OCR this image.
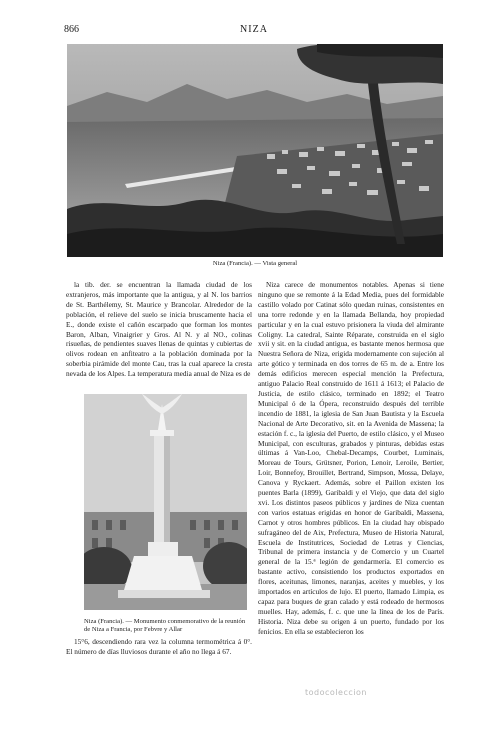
866	NIZA
Niza (Francia). — Vista general

la tib. der. se encuentran la llamada ciudad de los extranjeros, más importante que la antigua, y al N. los barrios de St. Barthélemy, St. Maurice y Brancolar. Alrededor de la población, el relieve del suelo se inicia bruscamente hacia el E., donde existe el cañón escarpado que forman los montes Baron, Alban, Vinaigrier y Gros. Al N. y al NO., colinas risueñas, de pendientes suaves llenas de quintas y cubiertas de olivos rodean en anfiteatro a la población dominada por la soberbia pirámide del monte Cau, tras la cual aparece la cresta nevada de los Alpes. La temperatura media anual de Niza es de

Niza (Francia). — Monumento conmemorativo de la reunión de Niza a Francia, por Febvre y Allar

15°6, descendiendo rara vez la columna termométrica á 0°. El número de días lluviosos durante el año no llega á 67.

Niza carece de monumentos notables. Apenas si tiene ninguno que se remonte á la Edad Media, pues del formidable castillo volado por Catinat sólo quedan ruinas, consistentes en una torre redonde y en la llamada Bellanda, hoy propiedad particular y en la cual estuvo prisionera la viuda del almirante Coligny. La catedral, Sainte Réparate, construida en el siglo xvii y sit. en la ciudad antigua, es bastante menos hermosa que Nuestra Señora de Niza, erigida modernamente con sujeción al arte gótico y terminada en dos torres de 65 m. de a. Entre los demás edificios merecen especial mención la Prefectura, antiguo Palacio Real construido de 1611 á 1613; el Palacio de Justicia, de estilo clásico, terminado en 1892; el Teatro Municipal ó de la Ópera, reconstruido después del terrible incendio de 1881, la iglesia de San Juan Bautista y la Escuela Nacional de Arte Decorativo, sit. en la Avenida de Massena; la estación f. c., la iglesia del Puerto, de estilo clásico, y el Museo Municipal, con esculturas, grabados y pinturas, debidas estas últimas á Van-Loo, Chebal-Decamps, Courbet, Luminais, Moreau de Tours, Grütsner, Porion, Lenoir, Leroile, Bertier, Loir, Bonnefoy, Brouillet, Bertrand, Simpson, Mossa, Delaye, Canova y Ryckaert. Además, sobre el Paillon existen los puentes Barla (1899), Garibaldi y el Viejo, que data del siglo xvi. Los distintos paseos públicos y jardines de Niza cuentan con varios estatuas erigidas en honor de Garibaldi, Massena, Carnot y otros hombres públicos. En la ciudad hay obispado sufragáneo del de Aix, Prefectura, Museo de Historia Natural, Escuela de Institutrices, Sociedad de Letras y Ciencias, Tribunal de primera instancia y de Comercio y un Cuartel general de la 15.ª legión de gendarmería. El comercio es bastante activo, consistiendo los productos exportados en flores, aceitunas, limones, naranjas, aceites y muebles, y los importados en artículos de lujo. El puerto, llamado Limpia, es capaz para buques de gran calado y está rodeado de hermosos muelles. Hay, además, f. c. que une la línea de los de París. Historia. Niza debe su origen á un puerto, fundado por los fenicios. En ella se establecieron los

todocoleccion
